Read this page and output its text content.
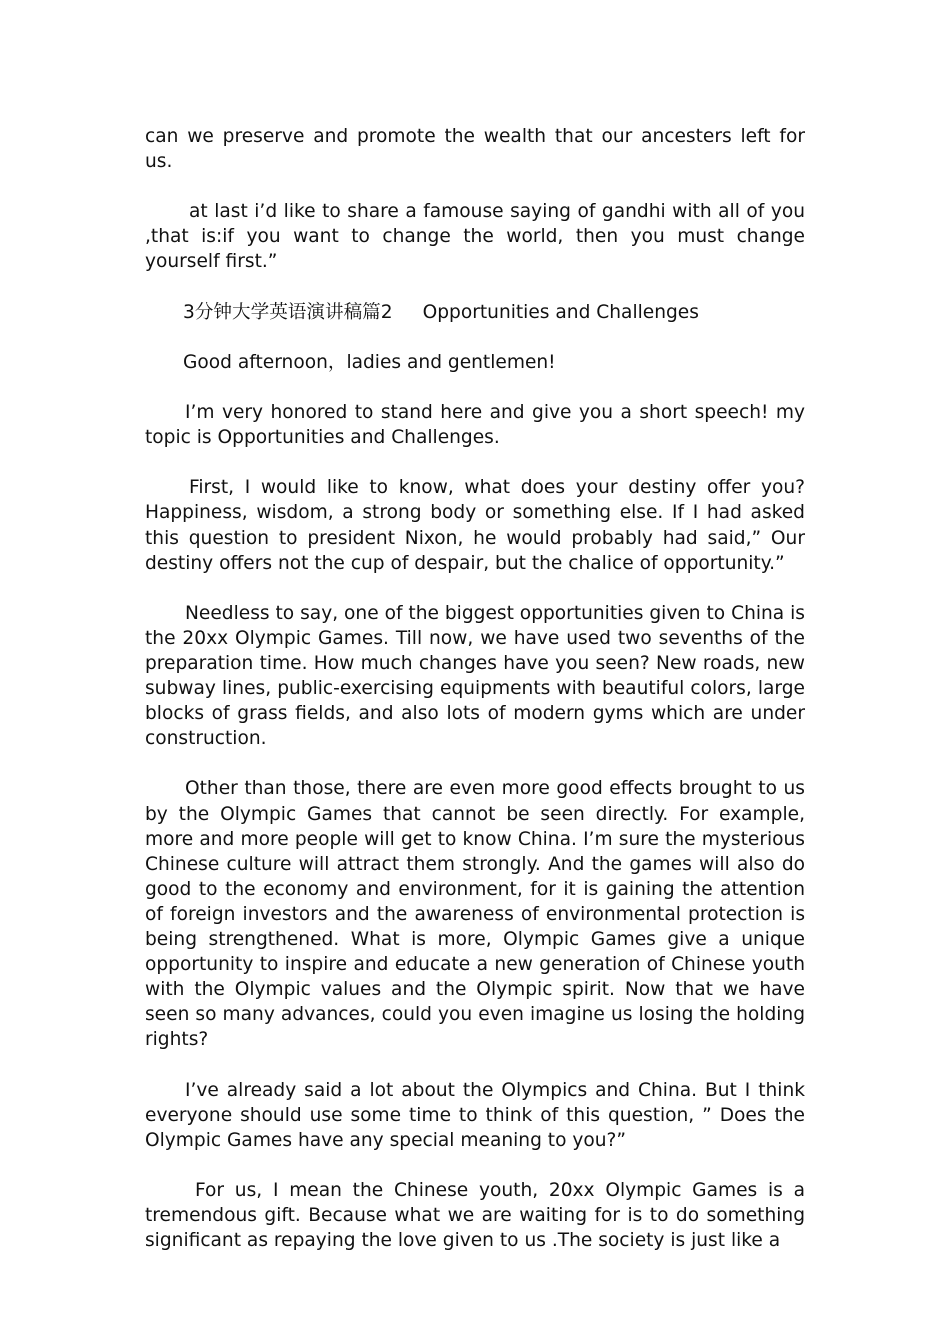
can we preserve and promote the wealth that our ancesters left for us.

at last i’d like to share a famouse saying of gandhi with all of you ,that is:if you want to change the world, then you must change yourself first.”

3分钟大学英语演讲稿篇2 Opportunities and Challenges
Good afternoon，ladies and gentlemen!

I’m very honored to stand here and give you a short speech! my topic is Opportunities and Challenges.

First, I would like to know, what does your destiny offer you? Happiness, wisdom, a strong body or something else. If I had asked this question to president Nixon, he would probably had said,” Our destiny offers not the cup of despair, but the chalice of opportunity.”

Needless to say, one of the biggest opportunities given to China is the 20xx Olympic Games. Till now, we have used two sevenths of the preparation time. How much changes have you seen? New roads, new subway lines, public-exercising equipments with beautiful colors, large blocks of grass fields, and also lots of modern gyms which are under construction.

Other than those, there are even more good effects brought to us by the Olympic Games that cannot be seen directly. For example, more and more people will get to know China. I’m sure the mysterious Chinese culture will attract them strongly. And the games will also do good to the economy and environment, for it is gaining the attention of foreign investors and the awareness of environmental protection is being strengthened. What is more, Olympic Games give a unique opportunity to inspire and educate a new generation of Chinese youth with the Olympic values and the Olympic spirit. Now that we have seen so many advances, could you even imagine us losing the holding rights?

I’ve already said a lot about the Olympics and China. But I think everyone should use some time to think of this question, ” Does the Olympic Games have any special meaning to you?”

For us, I mean the Chinese youth, 20xx Olympic Games is a tremendous gift. Because what we are waiting for is to do something significant as repaying the love given to us .The society is just like a
